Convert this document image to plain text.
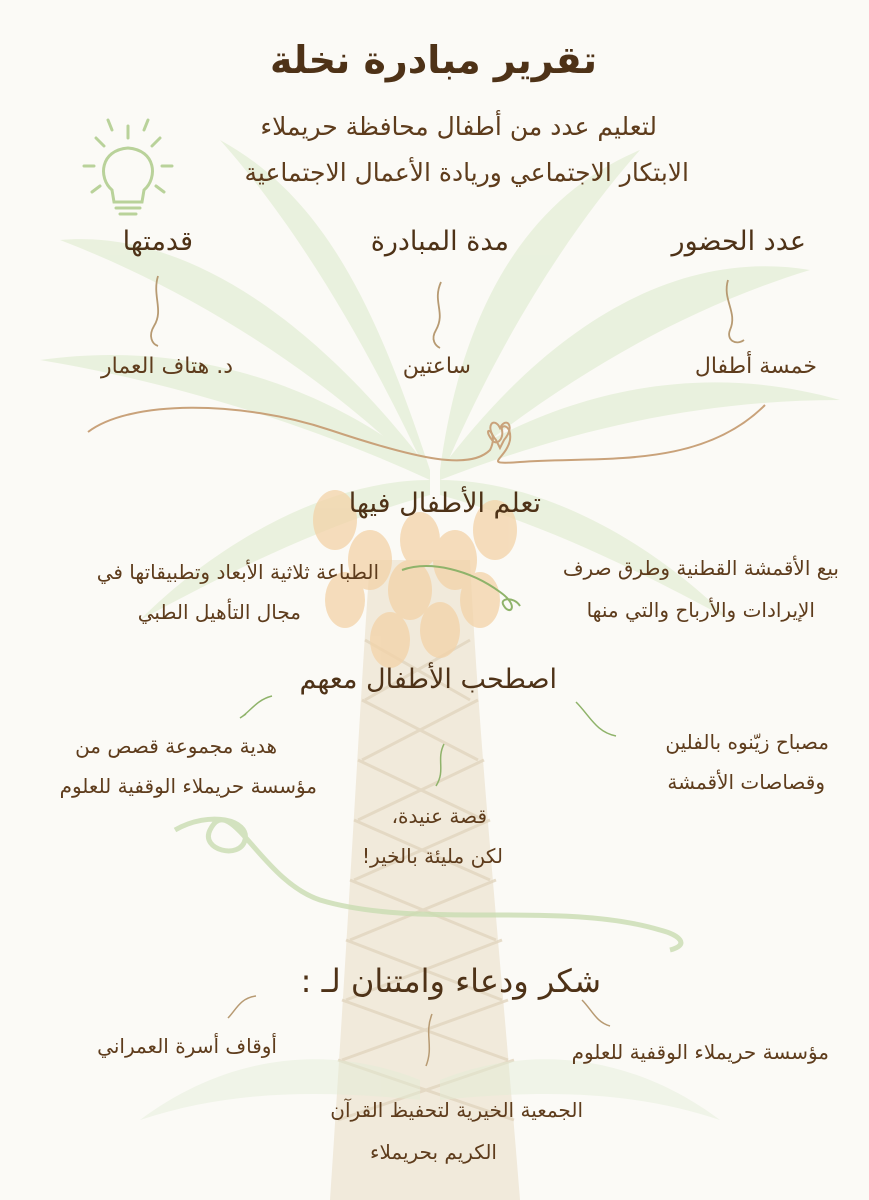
تقرير مبادرة نخلة
لتعليم عدد من أطفال محافظة حريملاء
الابتكار الاجتماعي وريادة الأعمال الاجتماعية
عدد الحضور
مدة المبادرة
قدمتها
خمسة أطفال
ساعتين
د. هتاف العمار
تعلم الأطفال فيها
بيع الأقمشة القطنية وطرق صرف
الإيرادات والأرباح والتي منها
الطباعة ثلاثية الأبعاد وتطبيقاتها في
مجال التأهيل الطبي
اصطحب الأطفال معهم
مصباح زيّنوه بالفلين
وقصاصات الأقمشة
هدية مجموعة قصص من
مؤسسة حريملاء الوقفية للعلوم
قصة عنيدة،
لكن مليئة بالخير!
شكر ودعاء وامتنان لـ :
مؤسسة حريملاء الوقفية للعلوم
أوقاف أسرة العمراني
الجمعية الخيرية لتحفيظ القرآن
الكريم بحريملاء
